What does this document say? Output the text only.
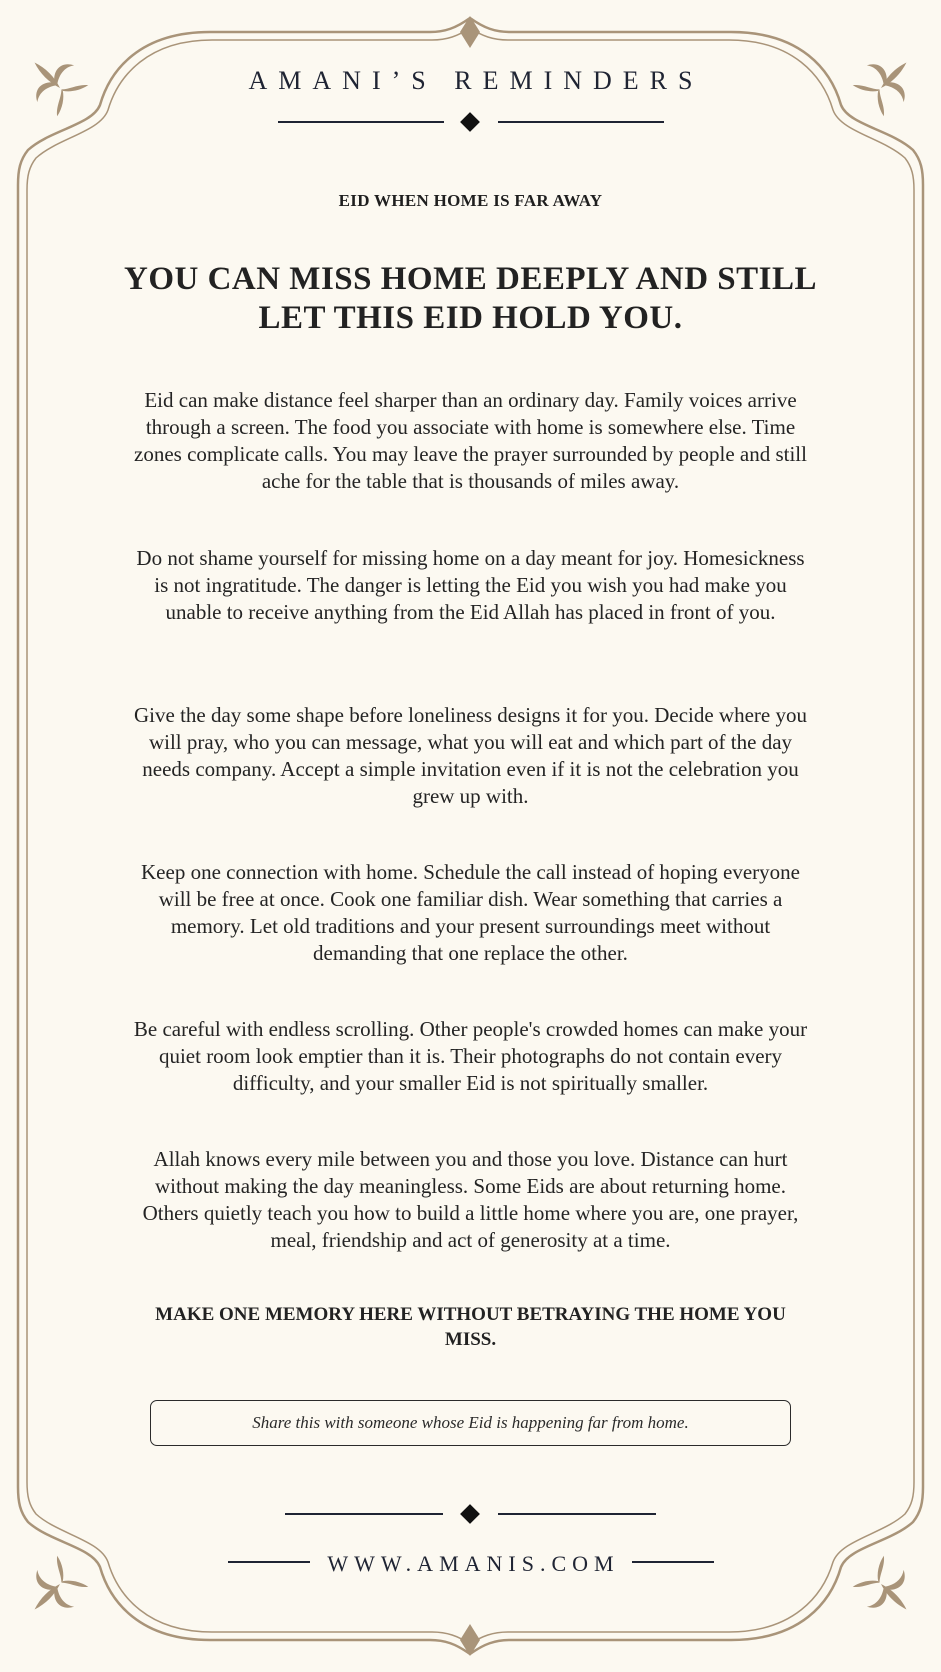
AMANI’S REMINDERS

EID WHEN HOME IS FAR AWAY

YOU CAN MISS HOME DEEPLY AND STILL LET THIS EID HOLD YOU.

Eid can make distance feel sharper than an ordinary day. Family voices arrive through a screen. The food you associate with home is somewhere else. Time zones complicate calls. You may leave the prayer surrounded by people and still ache for the table that is thousands of miles away.

Do not shame yourself for missing home on a day meant for joy. Homesickness is not ingratitude. The danger is letting the Eid you wish you had make you unable to receive anything from the Eid Allah has placed in front of you.

Give the day some shape before loneliness designs it for you. Decide where you will pray, who you can message, what you will eat and which part of the day needs company. Accept a simple invitation even if it is not the celebration you grew up with.

Keep one connection with home. Schedule the call instead of hoping everyone will be free at once. Cook one familiar dish. Wear something that carries a memory. Let old traditions and your present surroundings meet without demanding that one replace the other.

Be careful with endless scrolling. Other people's crowded homes can make your quiet room look emptier than it is. Their photographs do not contain every difficulty, and your smaller Eid is not spiritually smaller.

Allah knows every mile between you and those you love. Distance can hurt without making the day meaningless. Some Eids are about returning home. Others quietly teach you how to build a little home where you are, one prayer, meal, friendship and act of generosity at a time.

MAKE ONE MEMORY HERE WITHOUT BETRAYING THE HOME YOU MISS.

Share this with someone whose Eid is happening far from home.
WWW.AMANIS.COM
